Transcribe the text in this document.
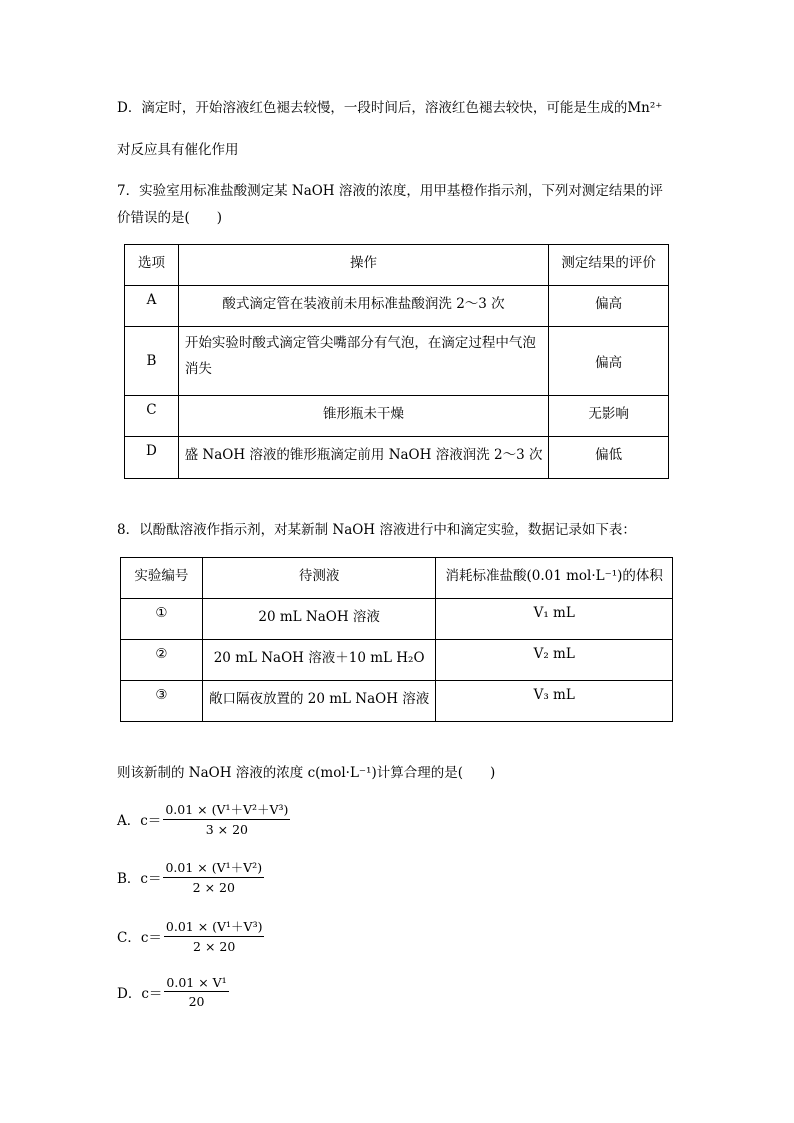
D．滴定时，开始溶液红色褪去较慢，一段时间后，溶液红色褪去较快，可能是生成的Mn²⁺
对反应具有催化作用
7．实验室用标准盐酸测定某 NaOH 溶液的浓度，用甲基橙作指示剂，下列对测定结果的评
价错误的是(　　)
选项	操作	测定结果的评价
A	酸式滴定管在装液前未用标准盐酸润洗 2～3 次	偏高
B	开始实验时酸式滴定管尖嘴部分有气泡，在滴定过程中气泡消失	偏高
C	锥形瓶未干燥	无影响
D	盛 NaOH 溶液的锥形瓶滴定前用 NaOH 溶液润洗 2～3 次	偏低
8．以酚酞溶液作指示剂，对某新制 NaOH 溶液进行中和滴定实验，数据记录如下表：
实验编号	待测液	消耗标准盐酸(0.01 mol·L⁻¹)的体积
①	20 mL NaOH 溶液	V₁ mL
②	20 mL NaOH 溶液＋10 mL H₂O	V₂ mL
③	敞口隔夜放置的 20 mL NaOH 溶液	V₃ mL
则该新制的 NaOH 溶液的浓度 c(mol·L⁻¹)计算合理的是(　　)
A．$c= \frac{\text{0.01 × (V¹＋V²＋V³)}}{3 \times 20}$
B．$c= \frac{\text{0.01 × (V¹＋V²)}}{2 \times 20}$
C．$c= \frac{\text{0.01 × (V¹＋V³)}}{2 \times 20}$
D．$c= \frac{\text{0.01 × V¹}}{20}$
